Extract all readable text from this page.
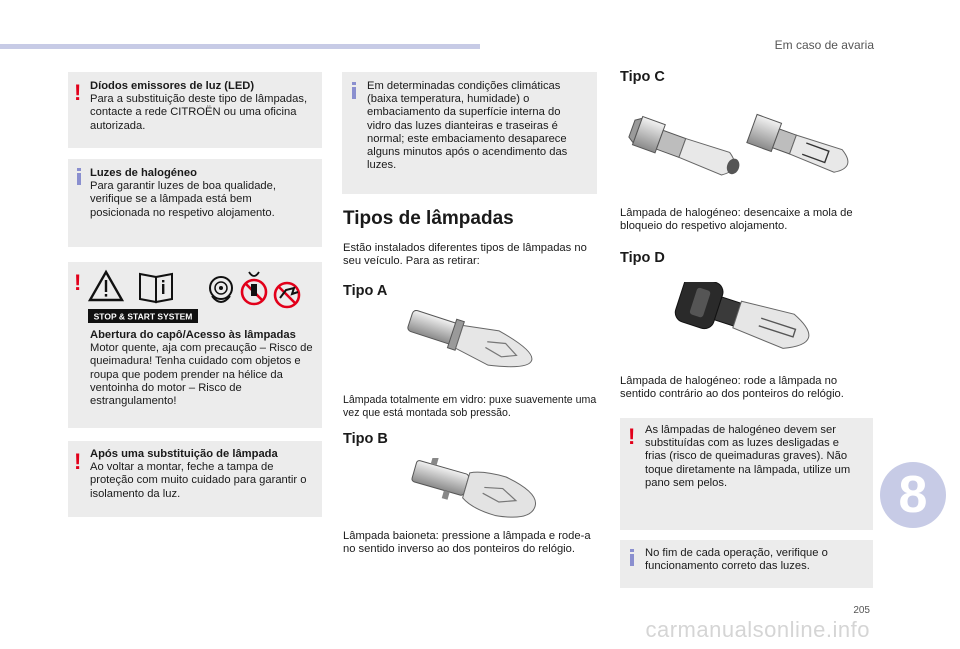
Em caso de avaria
! Díodos emissores de luz (LED)

Para a substituição deste tipo de lâmpadas, contacte a rede CITROËN ou uma oficina autorizada.

Luzes de halogéneo

Para garantir luzes de boa qualidade, verifique se a lâmpada está bem posicionada no respetivo alojamento.

!
STOP & START SYSTEM

Abertura do capô/Acesso às lâmpadas

Motor quente, aja com precaução – Risco de queimadura! Tenha cuidado com objetos e roupa que podem prender na hélice da ventoinha do motor – Risco de estrangulamento!

! Após uma substituição de lâmpada

Ao voltar a montar, feche a tampa de proteção com muito cuidado para garantir o isolamento da luz.

Em determinadas condições climáticas (baixa temperatura, humidade) o embaciamento da superfície interna do vidro das luzes dianteiras e traseiras é normal; este embaciamento desaparece alguns minutos após o acendimento das luzes.

Tipos de lâmpadas

Estão instalados diferentes tipos de lâmpadas no seu veículo. Para as retirar:

Tipo A

Lâmpada totalmente em vidro: puxe suavemente uma vez que está montada sob pressão.

Tipo B

Lâmpada baioneta: pressione a lâmpada e rode-a no sentido inverso ao dos ponteiros do relógio.

Tipo C

Lâmpada de halogéneo: desencaixe a mola de bloqueio do respetivo alojamento.

Tipo D

Lâmpada de halogéneo: rode a lâmpada no sentido contrário ao dos ponteiros do relógio.

! As lâmpadas de halogéneo devem ser substituídas com as luzes desligadas e frias (risco de queimaduras graves). Não toque diretamente na lâmpada, utilize um pano sem pelos.

No fim de cada operação, verifique o funcionamento correto das luzes.

8
205
carmanualsonline.info
